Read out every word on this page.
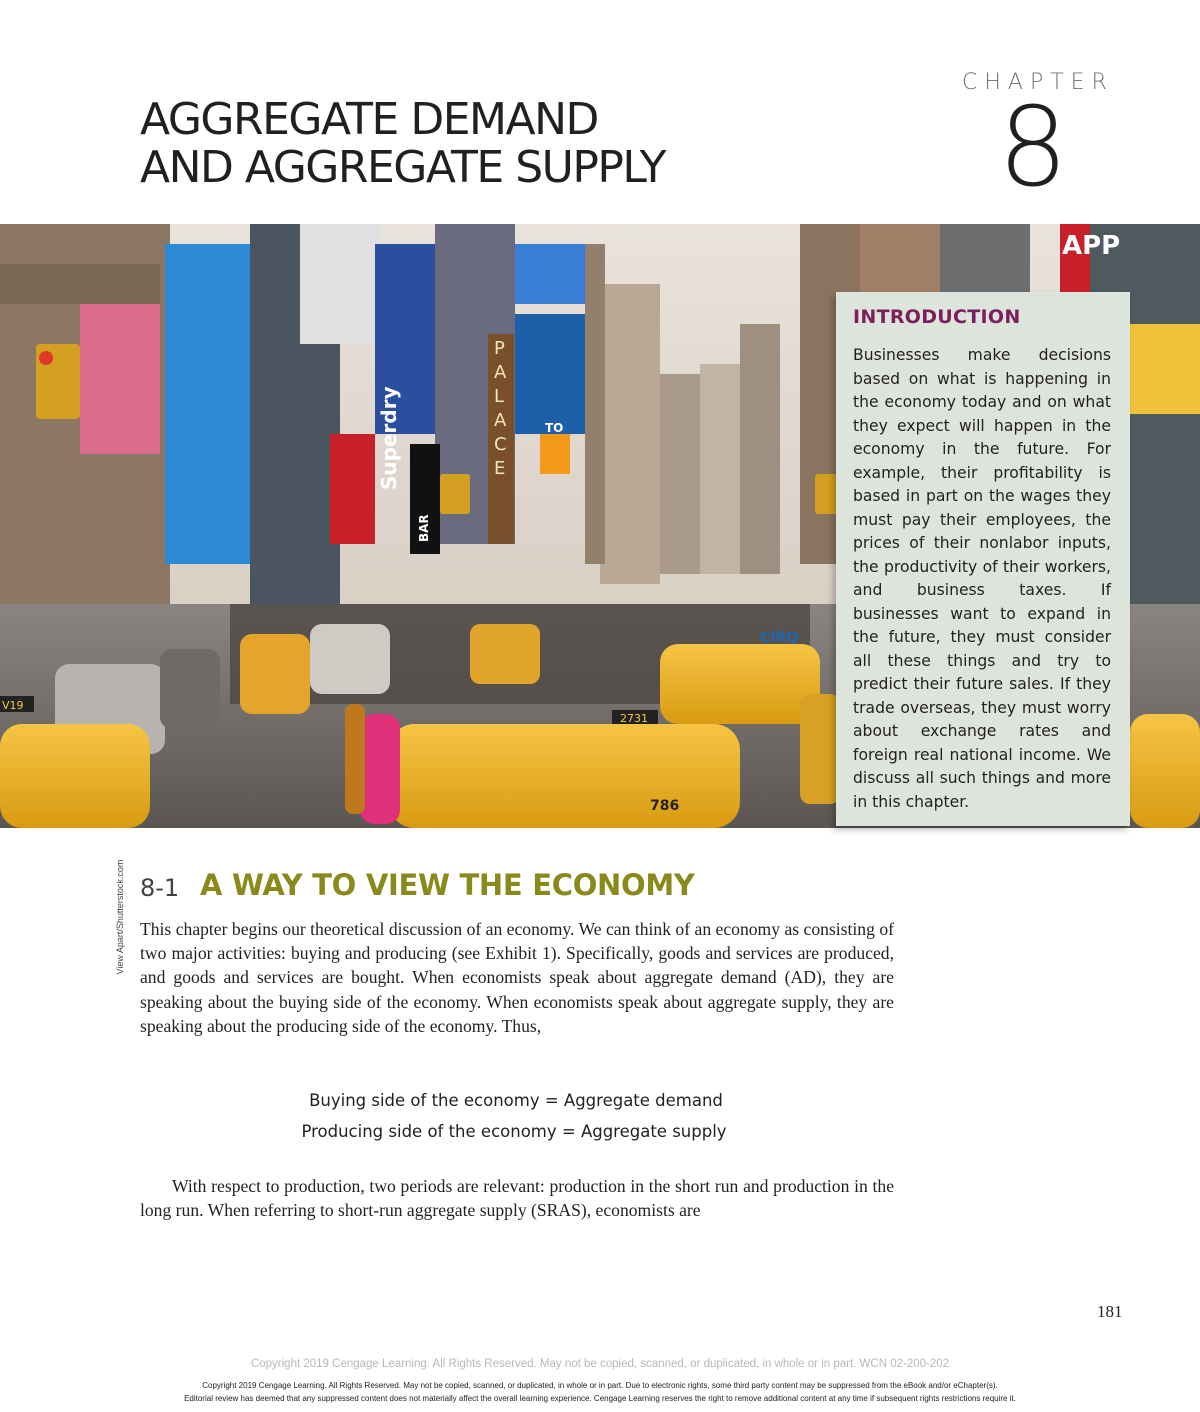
CHAPTER
8
AGGREGATE DEMAND
AND AGGREGATE SUPPLY
P A L A C E
Superdry
BAR
TO
APP
CIRQ
2731
786
V19
INTRODUCTION
Businesses make decisions based on what is happening in the economy today and on what they expect will happen in the economy in the future. For example, their profitability is based in part on the wages they must pay their employees, the prices of their nonlabor inputs, the productivity of their workers, and business taxes. If businesses want to expand in the future, they must consider all these things and try to predict their future sales. If they trade overseas, they must worry about exchange rates and foreign real national income. We discuss all such things and more in this chapter.
View Apart/Shutterstock.com 8-1 A WAY TO VIEW THE ECONOMY
This chapter begins our theoretical discussion of an economy. We can think of an economy as consisting of two major activities: buying and producing (see Exhibit 1). Specifically, goods and services are produced, and goods and services are bought. When economists speak about aggregate demand (AD), they are speaking about the buying side of the economy. When economists speak about aggregate supply, they are speaking about the producing side of the economy. Thus,
Buying side of the economy = Aggregate demand
Producing side of the economy = Aggregate supply
With respect to production, two periods are relevant: production in the short run and production in the long run. When referring to short-run aggregate supply (SRAS), economists are
181
Copyright 2019 Cengage Learning. All Rights Reserved. May not be copied, scanned, or duplicated, in whole or in part. WCN 02-200-202
Copyright 2019 Cengage Learning. All Rights Reserved. May not be copied, scanned, or duplicated, in whole or in part. Due to electronic rights, some third party content may be suppressed from the eBook and/or eChapter(s).
Editorial review has deemed that any suppressed content does not materially affect the overall learning experience. Cengage Learning reserves the right to remove additional content at any time if subsequent rights restrictions require it.
